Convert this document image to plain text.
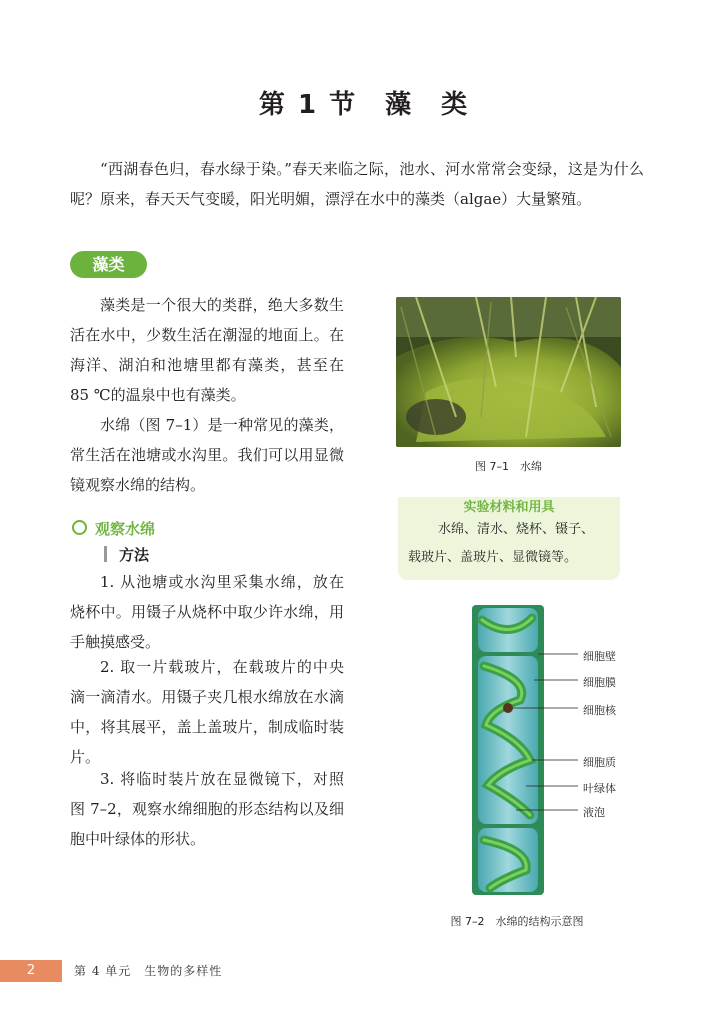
第 1 节 藻　类
“西湖春色归，春水绿于染。”春天来临之际，池水、河水常常会变绿，这是为什么呢？原来，春天天气变暖，阳光明媚，漂浮在水中的藻类（algae）大量繁殖。
藻类
藻类是一个很大的类群，绝大多数生活在水中，少数生活在潮湿的地面上。在海洋、湖泊和池塘里都有藻类，甚至在 85 ℃的温泉中也有藻类。
水绵（图 7–1）是一种常见的藻类，常生活在池塘或水沟里。我们可以用显微镜观察水绵的结构。
图 7–1　水绵
实验材料和用具
水绵、清水、烧杯、镊子、
载玻片、盖玻片、显微镜等。
观察水绵
方法
1. 从池塘或水沟里采集水绵，放在烧杯中。用镊子从烧杯中取少许水绵，用手触摸感受。
2. 取一片载玻片，在载玻片的中央滴一滴清水。用镊子夹几根水绵放在水滴中，将其展平，盖上盖玻片，制成临时装片。
3. 将临时装片放在显微镜下，对照图 7–2，观察水绵细胞的形态结构以及细胞中叶绿体的形状。
细胞壁
细胞膜
细胞核
细胞质
叶绿体
液泡
图 7–2　水绵的结构示意图
2	第 4 单元　生物的多样性
